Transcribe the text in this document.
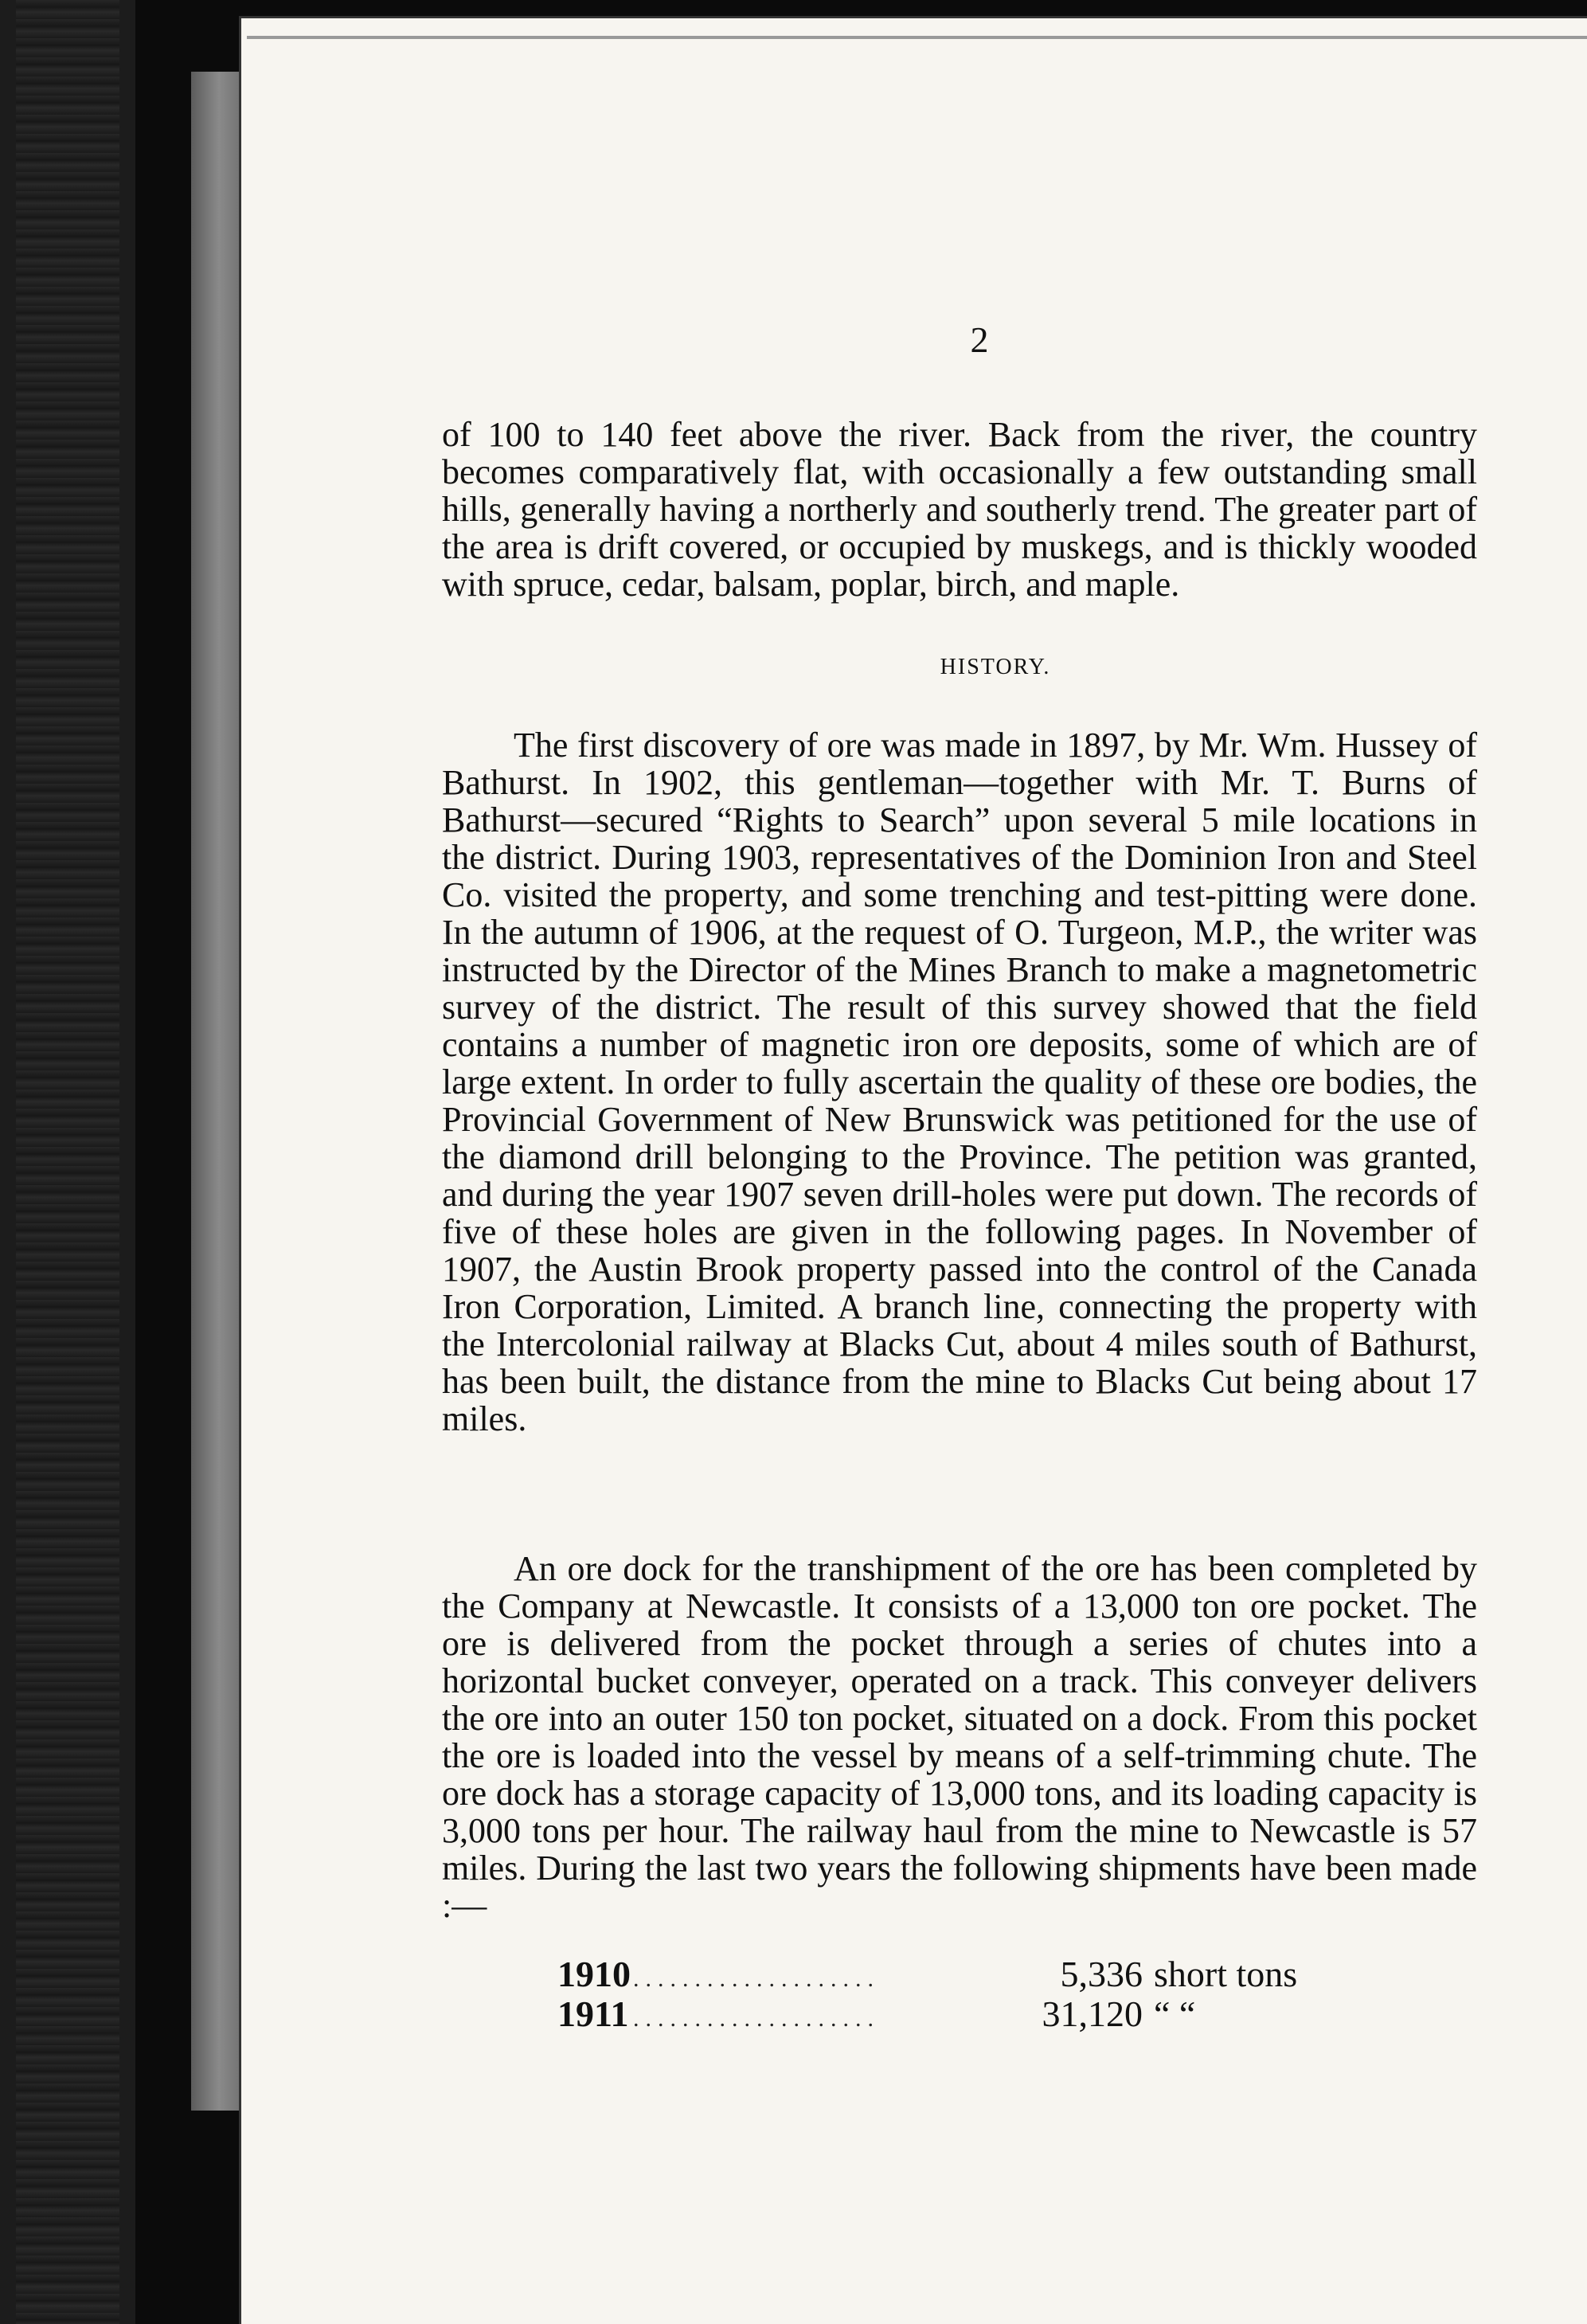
2

of 100 to 140 feet above the river. Back from the river, the country becomes comparatively flat, with occasionally a few outstanding small hills, generally having a northerly and southerly trend. The greater part of the area is drift covered, or occupied by muskegs, and is thickly wooded with spruce, cedar, balsam, poplar, birch, and maple.

HISTORY.

The first discovery of ore was made in 1897, by Mr. Wm. Hussey of Bathurst. In 1902, this gentleman—together with Mr. T. Burns of Bathurst—secured “Rights to Search” upon several 5 mile locations in the district. During 1903, representatives of the Dominion Iron and Steel Co. visited the property, and some trenching and test-pitting were done. In the autumn of 1906, at the request of O. Turgeon, M.P., the writer was instructed by the Director of the Mines Branch to make a magnetometric survey of the district. The result of this survey showed that the field contains a number of magnetic iron ore deposits, some of which are of large extent. In order to fully ascertain the quality of these ore bodies, the Provincial Government of New Brunswick was petitioned for the use of the diamond drill belonging to the Province. The petition was granted, and during the year 1907 seven drill-holes were put down. The records of five of these holes are given in the following pages. In November of 1907, the Austin Brook property passed into the control of the Canada Iron Corporation, Limited. A branch line, connecting the property with the Intercolonial railway at Blacks Cut, about 4 miles south of Bathurst, has been built, the distance from the mine to Blacks Cut being about 17 miles.

An ore dock for the transhipment of the ore has been completed by the Company at Newcastle. It consists of a 13,000 ton ore pocket. The ore is delivered from the pocket through a series of chutes into a horizontal bucket conveyer, operated on a track. This conveyer delivers the ore into an outer 150 ton pocket, situated on a dock. From this pocket the ore is loaded into the vessel by means of a self-trimming chute. The ore dock has a storage capacity of 13,000 tons, and its loading capacity is 3,000 tons per hour. The railway haul from the mine to Newcastle is 57 miles. During the last two years the following shipments have been made :—

1910 ....................	5,336 short tons
1911 ....................	31,120 “ “
